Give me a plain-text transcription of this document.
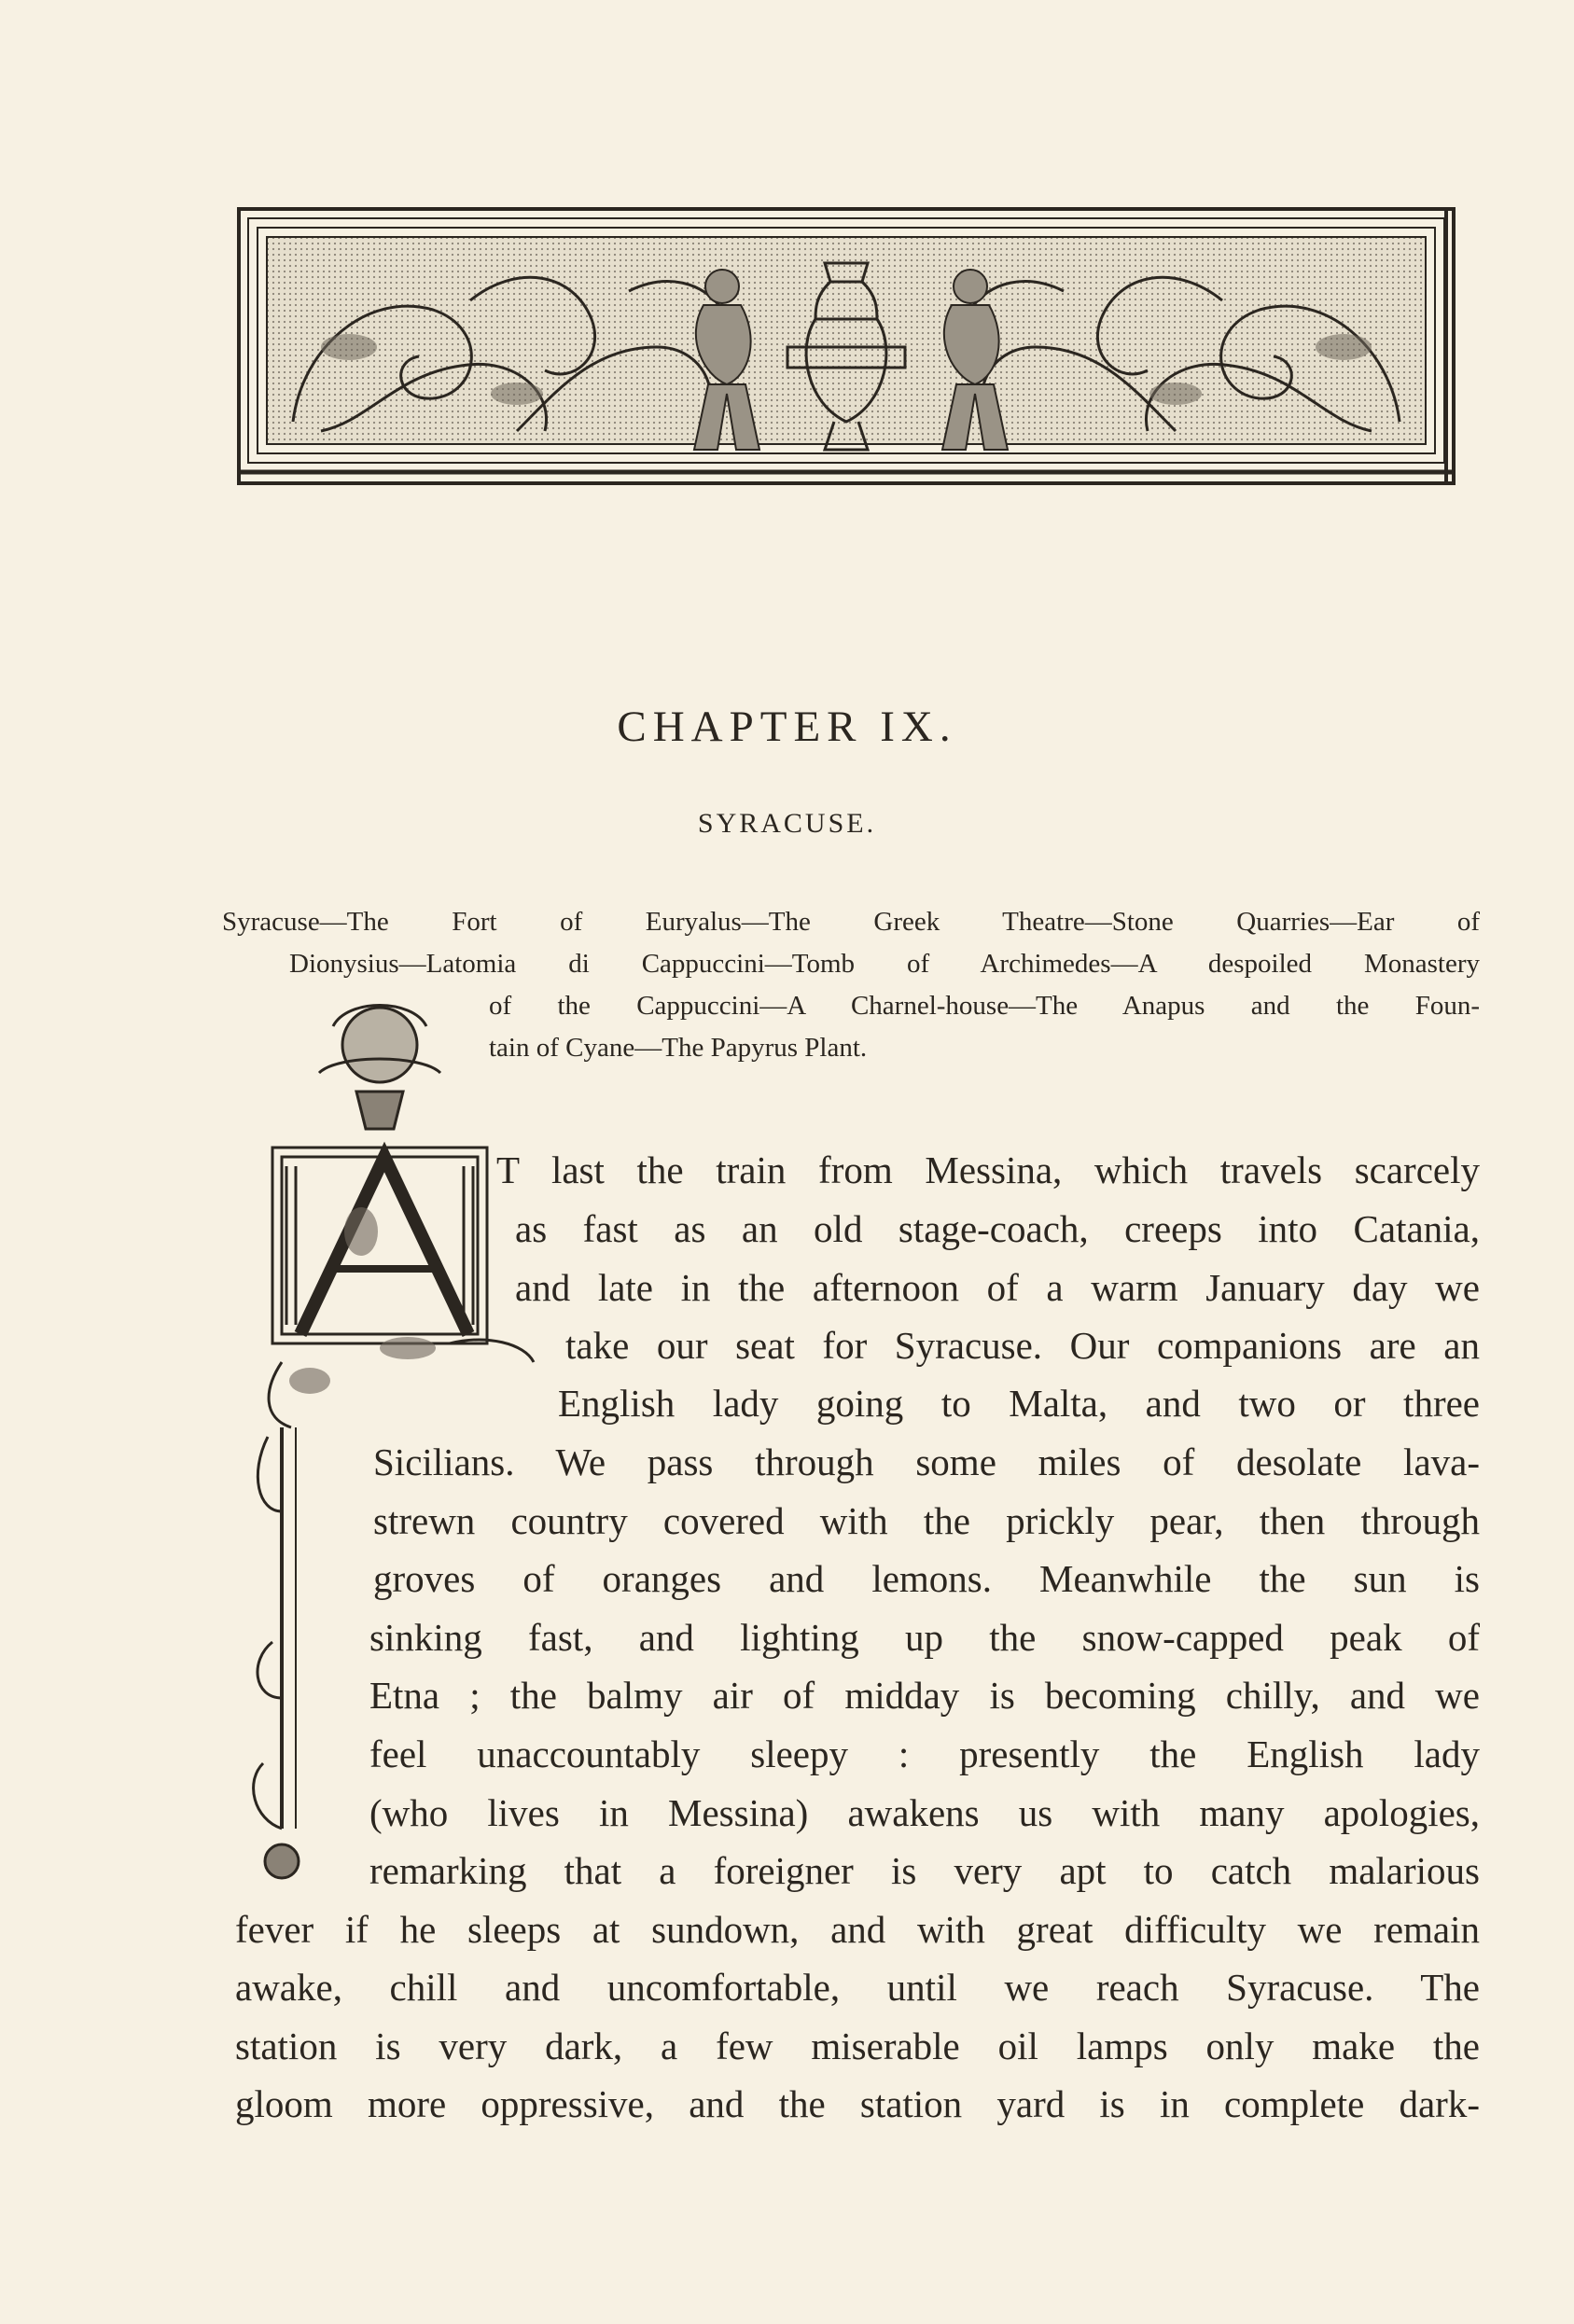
CHAPTER IX.
SYRACUSE.
Syracuse—The Fort of Euryalus—The Greek Theatre—Stone Quarries—Ear of
Dionysius—Latomia di Cappuccini—Tomb of Archimedes—A despoiled Monastery
of the Cappuccini—A Charnel-house—The Anapus and the Foun-
tain of Cyane—The Papyrus Plant.
T last the train from Messina, which travels scarcely
as fast as an old stage-coach, creeps into Catania,
and late in the afternoon of a warm January day we
take our seat for Syracuse. Our companions are an
English lady going to Malta, and two or three
Sicilians. We pass through some miles of desolate lava-
strewn country covered with the prickly pear, then through
groves of oranges and lemons. Meanwhile the sun is
sinking fast, and lighting up the snow-capped peak of
Etna ; the balmy air of midday is becoming chilly, and we
feel unaccountably sleepy : presently the English lady
(who lives in Messina) awakens us with many apologies,
remarking that a foreigner is very apt to catch malarious
fever if he sleeps at sundown, and with great difficulty we remain
awake, chill and uncomfortable, until we reach Syracuse. The
station is very dark, a few miserable oil lamps only make the
gloom more oppressive, and the station yard is in complete dark-
